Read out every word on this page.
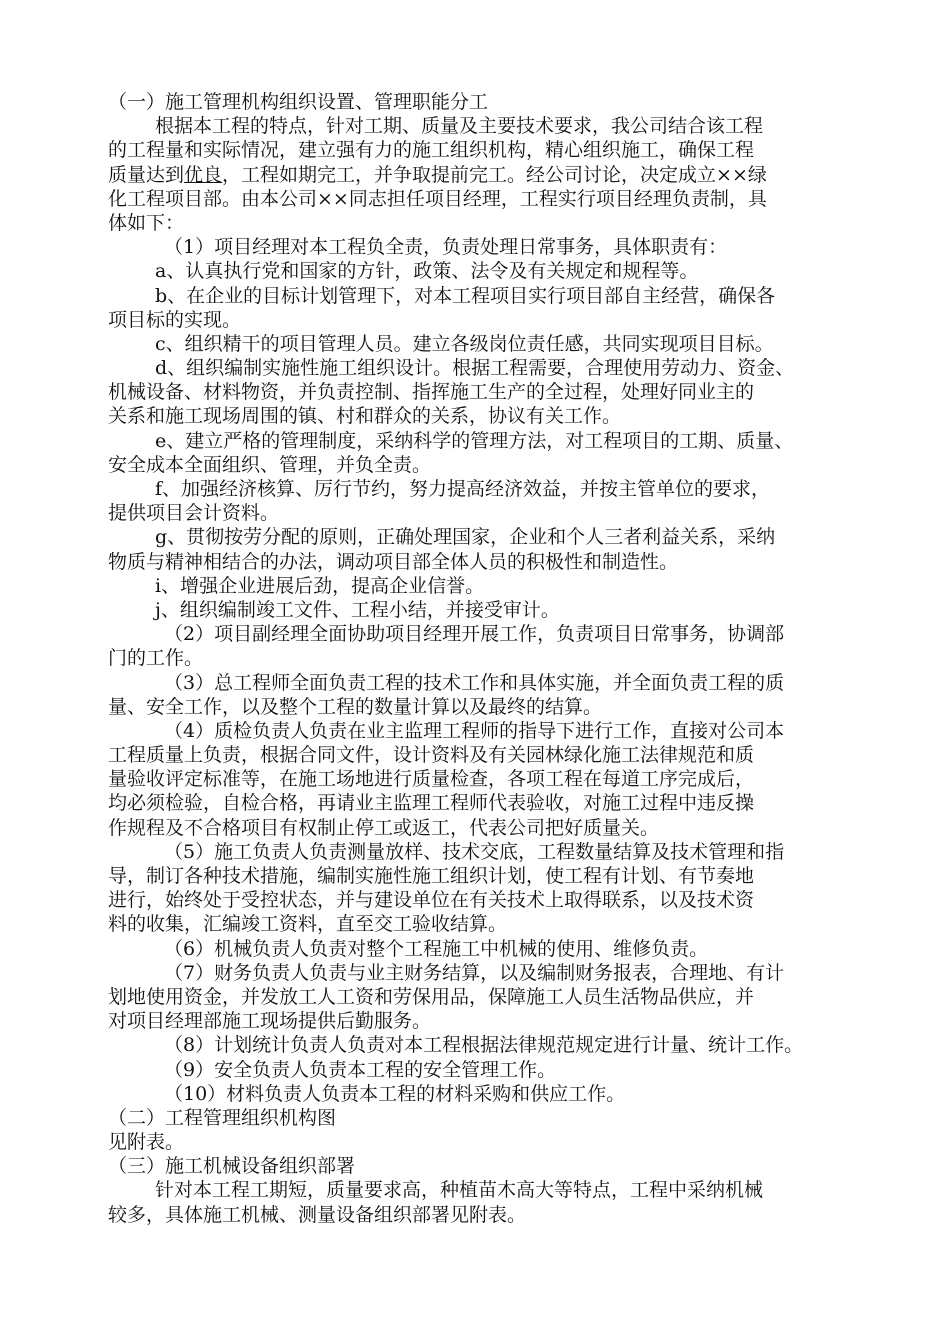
（一）施工管理机构组织设置、管理职能分工
根据本工程的特点，针对工期、质量及主要技术要求，我公司结合该工程
的工程量和实际情况，建立强有力的施工组织机构，精心组织施工，确保工程
质量达到优良，工程如期完工，并争取提前完工。经公司讨论，决定成立××绿
化工程项目部。由本公司××同志担任项目经理，工程实行项目经理负责制，具
体如下：
（1）项目经理对本工程负全责，负责处理日常事务，具体职责有：
a、认真执行党和国家的方针，政策、法令及有关规定和规程等。
b、在企业的目标计划管理下，对本工程项目实行项目部自主经营，确保各
项目标的实现。
c、组织精干的项目管理人员。建立各级岗位责任感，共同实现项目目标。
d、组织编制实施性施工组织设计。根据工程需要，合理使用劳动力、资金、
机械设备、材料物资，并负责控制、指挥施工生产的全过程，处理好同业主的
关系和施工现场周围的镇、村和群众的关系，协议有关工作。
e、建立严格的管理制度，采纳科学的管理方法，对工程项目的工期、质量、
安全成本全面组织、管理，并负全责。
f、加强经济核算、厉行节约，努力提高经济效益，并按主管单位的要求，
提供项目会计资料。
g、贯彻按劳分配的原则，正确处理国家，企业和个人三者利益关系，采纳
物质与精神相结合的办法，调动项目部全体人员的积极性和制造性。
i、增强企业进展后劲，提高企业信誉。
j、组织编制竣工文件、工程小结，并接受审计。
（2）项目副经理全面协助项目经理开展工作，负责项目日常事务，协调部
门的工作。
（3）总工程师全面负责工程的技术工作和具体实施，并全面负责工程的质
量、安全工作，以及整个工程的数量计算以及最终的结算。
（4）质检负责人负责在业主监理工程师的指导下进行工作，直接对公司本
工程质量上负责，根据合同文件，设计资料及有关园林绿化施工法律规范和质
量验收评定标准等，在施工场地进行质量检查，各项工程在每道工序完成后，
均必须检验，自检合格，再请业主监理工程师代表验收，对施工过程中违反操
作规程及不合格项目有权制止停工或返工，代表公司把好质量关。
（5）施工负责人负责测量放样、技术交底，工程数量结算及技术管理和指
导，制订各种技术措施，编制实施性施工组织计划，使工程有计划、有节奏地
进行，始终处于受控状态，并与建设单位在有关技术上取得联系，以及技术资
料的收集，汇编竣工资料，直至交工验收结算。
（6）机械负责人负责对整个工程施工中机械的使用、维修负责。
（7）财务负责人负责与业主财务结算，以及编制财务报表，合理地、有计
划地使用资金，并发放工人工资和劳保用品，保障施工人员生活物品供应，并
对项目经理部施工现场提供后勤服务。
（8）计划统计负责人负责对本工程根据法律规范规定进行计量、统计工作。
（9）安全负责人负责本工程的安全管理工作。
（10）材料负责人负责本工程的材料采购和供应工作。
（二）工程管理组织机构图
见附表。
（三）施工机械设备组织部署
针对本工程工期短，质量要求高，种植苗木高大等特点，工程中采纳机械
较多，具体施工机械、测量设备组织部署见附表。
